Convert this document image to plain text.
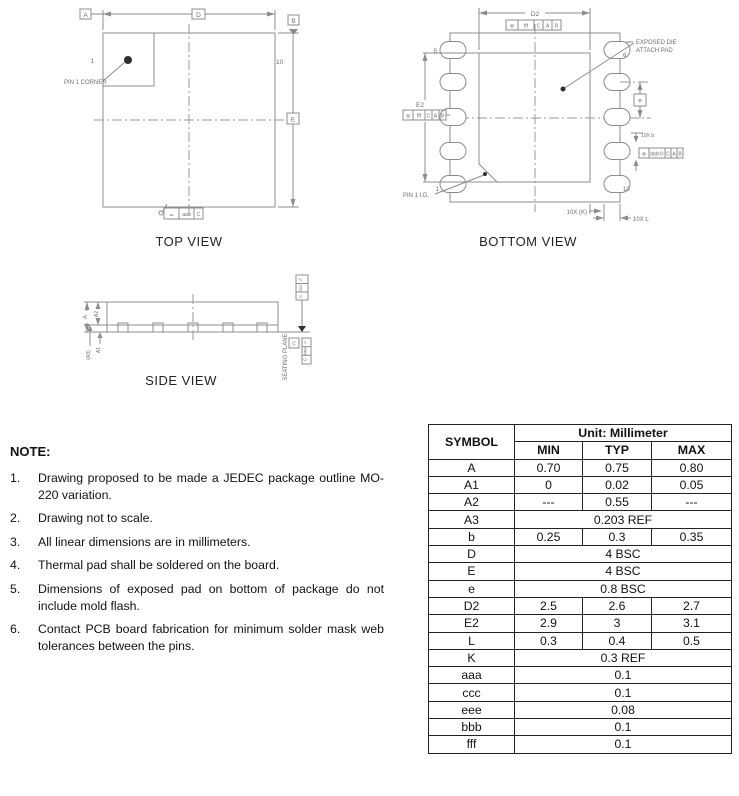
A	D
B
10
E
1
PIN 1 CORNER
⌓ aaa C
TOP VIEW
D2
⊕ fff C A B
E2
⊕ fff C A B
e
10X b
⊕ bbbⓂ C A B
EXPOSED DIE
ATTACH PAD
5
6
1	10
PIN 1 I.D.
10X (K)
10X L
BOTTOM VIEW
A A2
A1
(A3)
//
ccc
C
C ▱
eee
C
SEATING PLANE
SIDE VIEW
NOTE:
1.	Drawing proposed to be made a JEDEC package outline MO-220 variation.
2.	Drawing not to scale.
3.	All linear dimensions are in millimeters.
4.	Thermal pad shall be soldered on the board.
5.	Dimensions of exposed pad on bottom of package do not include mold flash.
6.	Contact PCB board fabrication for minimum solder mask web tolerances between the pins.
SYMBOL	Unit: Millimeter		
	MIN	TYP	MAX
A	0.70	0.75	0.80
A1	0	0.02	0.05
A2	---	0.55	---
A3	0.203 REF		
b	0.25	0.3	0.35
D	4 BSC		
E	4 BSC		
e	0.8 BSC		
D2	2.5	2.6	2.7
E2	2.9	3	3.1
L	0.3	0.4	0.5
K	0.3 REF		
aaa	0.1		
ccc	0.1		
eee	0.08		
bbb	0.1		
fff	0.1		
